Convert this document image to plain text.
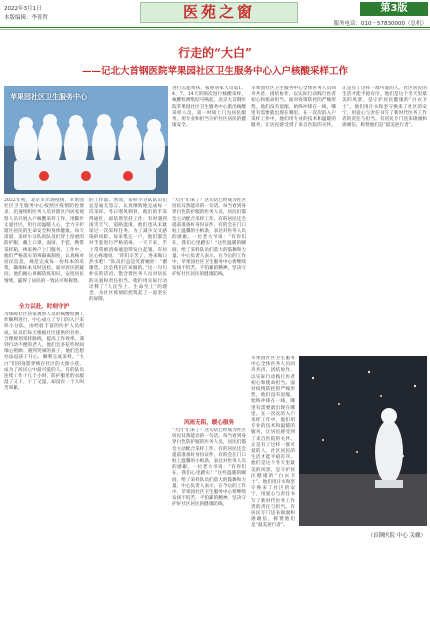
2022年3月1日
本版编辑：李菁哲	医苑之窗	第3版
服务电话：010－57830000（总机）
行走的“大白”
——记北大首钢医院苹果园社区卫生服务中心入户核酸采样工作
苹果园社区卫生服务中心
进行志愿帮扶，按照居家人员第1、4、7、14天的频次进行核酸采样，核酸检测集结号响起，北京大首钢医院苹果园社区卫生服务中心派出核酸采样人员，第一时间上门为居民服务，用专业和担当守护社区居民的健康安全。
2022年初，北京市出现疫情，苹果园社区卫生服务中心按照区疫情防控要求，迅速组织医务人员对辖区内居家观察人员开展入户核酸采样工作，用脚步丈量社区，用行动温暖人心，全力守护辖区居民的生命安全和身体健康。每天清晨，采样小分队的队员们穿上厚重的防护服，戴上口罩、面屏、手套，携带采样箱，挨家挨户上门服务。工作中，他们严格落实消毒隔离制度，认真核对居民信息，规范完成每一份样本的采集，确保标本及时送检。面对居民的疑问，他们耐心讲解防疫知识，安抚居民情绪，赢得了居民的一致认可和称赞。
全力以赴，时刻守护
为保障社区居家观察人员的核酸检测工作顺利进行，中心成立了专门的入户采样小分队，由经验丰富的医护人员组成。队员们每天根据社区提供的名单，合理规划采样路线，提高工作效率。遇到行动不便的老人，他们会多花些时间细心照顾；遇到哭闹的孩子，他们会想办法逗孩子开心，顺利完成采样。“大白”们的身影穿梭在社区的大街小巷，成为了居民心中最可爱的人。有的队员连续工作十几个小时，防护服里的衣服湿了又干、干了又湿，却没有一个人叫苦叫累。
的工作量。然而，采样小分队队员们总是毫无怨言，认真细致地完成每一次采样。冬日寒风刺骨，他们的手冻得通红，却依然坚持工作；有时遇到雨雪天气，道路湿滑，他们也从未耽误过一次采样任务。为了减少交叉感染的风险，每采集完一户，他们都会对手套进行严格消毒。一天下来，手上常常被消毒液泡得发白起皱。有居民心疼地说：“你们辛苦了，进来喝口热水吧！”队员们总是笑着婉拒：“谢谢您，这是我们应该做的。”这一句句朴实的话语，饱含着医务人员对居民的关爱和责任担当。他们用实际行动诠释了“人民至上、生命至上”的理念，为社区疫情防控筑起了一道坚实的屏障。
“大白”们来了！这句话已经成为社区居民耳熟能详的一句话。每当看到身穿白色防护服的医务人员，居民们都会主动配合采样工作。有的居民还会提前准备好身份证件，有的会在门口贴上温馨的小纸条，表达对医务人员的感谢。一位老大爷说：“有你们在，我们心里踏实！”这些温暖的瞬间，给了采样队员们莫大的鼓舞和力量。中心负责人表示，在今后的工作中，苹果园社区卫生服务中心将继续发扬不怕苦、不怕累的精神，坚决守护好社区居民的健康防线。
风雨无阻，暖心服务
“大白”们来了！这句话已经成为社区居民耳熟能详的一句话。每当看到身穿白色防护服的医务人员，居民们都会主动配合采样工作。有的居民还会提前准备好身份证件，有的会在门口贴上温馨的小纸条，表达对医务人员的感谢。一位老大爷说：“有你们在，我们心里踏实！”这些温暖的瞬间，给了采样队员们莫大的鼓舞和力量。中心负责人表示，在今后的工作中，苹果园社区卫生服务中心将继续发扬不怕苦、不怕累的精神，坚决守护好社区居民的健康防线。
苹果园社区卫生服务中心全体医务人员同舟共济，团结协作，以实际行动践行医者初心和使命担当。面对疫情防控的严峻形势，他们没有退缩，始终冲锋在一线，哪里有需要就出现在哪里。在一次次的入户采样工作中，他们用专业的技术和温暖的服务，让居民感受到了来自医院的关怀。正是有了这样一群可爱的人，社区居民的生活才能平稳有序。他们是这个冬天里最美的风景，是守护居民健康的“白衣卫士”。他们用汗水和坚守换来了社区的安宁，用爱心与责任书写了新时代医务工作者的责任与担当。有居民专门送来锦旗和感谢信，称赞他们是“最美逆行者”。
苹果园社区卫生服务中心全体医务人员同舟共济，团结协作，以实际行动践行医者初心和使命担当。面对疫情防控的严峻形势，他们没有退缩，始终冲锋在一线，哪里有需要就出现在哪里。在一次次的入户采样工作中，他们用专业的技术和温暖的服务，让居民感受到了来自医院的关怀。正是有了这样一群可爱的人，社区居民的生活才能平稳有序。他们是这个冬天里最美的风景，是守护居民健康的“白衣卫士”。他们用汗水和坚守换来了社区的安宁，用爱心与责任书写了新时代医务工作者的责任与担当。有居民专门送来锦旗和感谢信，称赞他们是“最美逆行者”。
（首钢医院 中心 关骤）
